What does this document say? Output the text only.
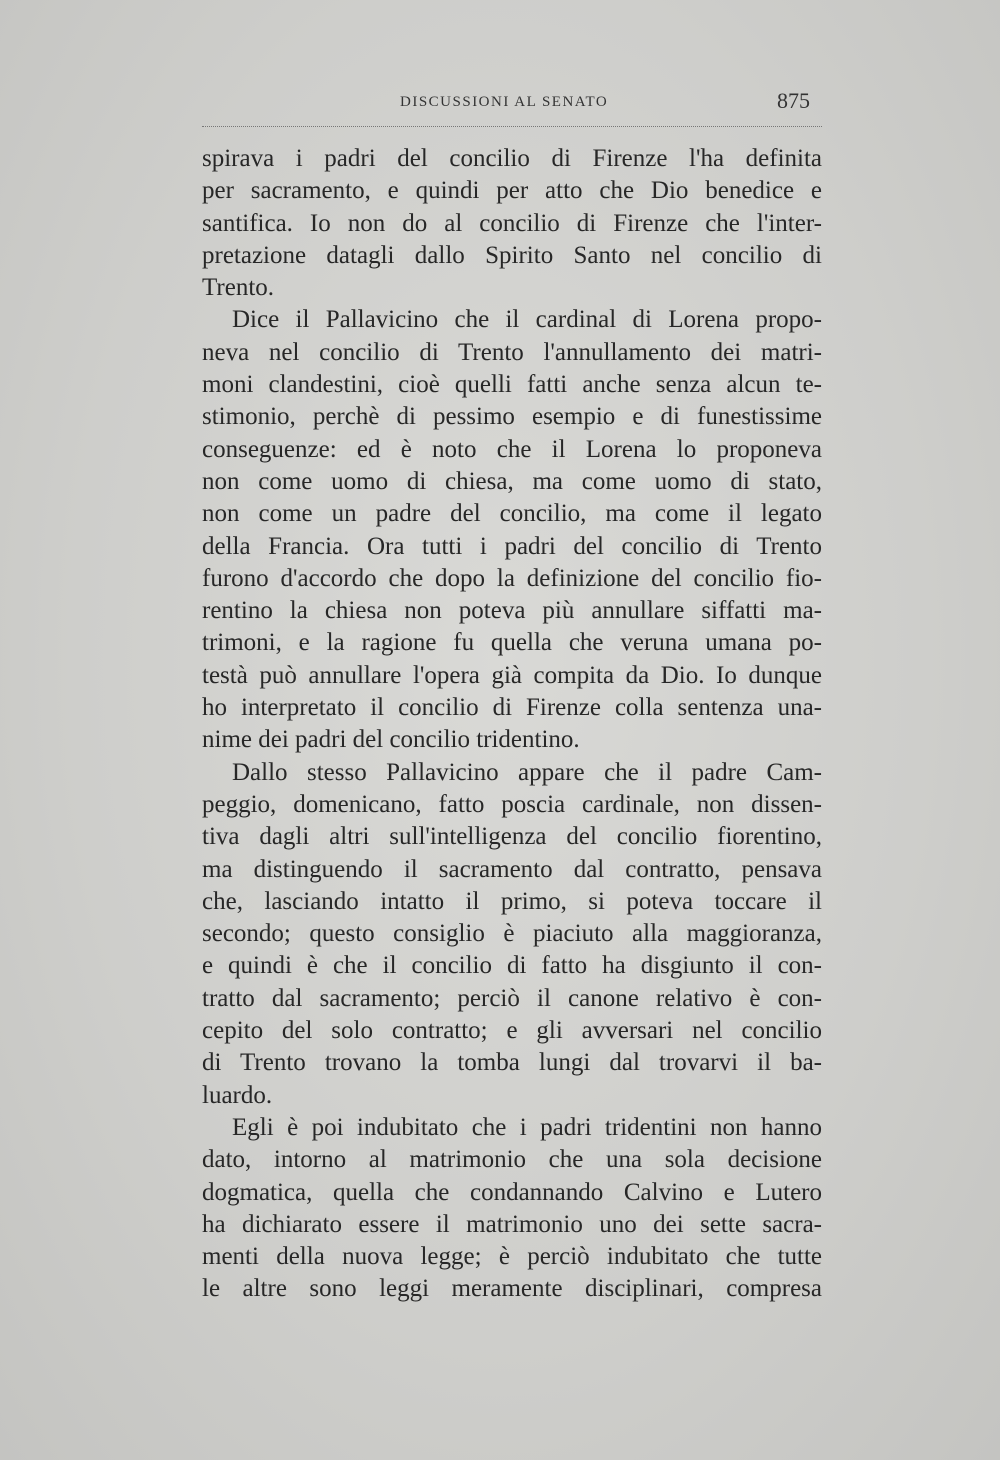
DISCUSSIONI AL SENATO	875
spirava i padri del concilio di Firenze l'ha definita
per sacramento, e quindi per atto che Dio benedice e
santifica. Io non do al concilio di Firenze che l'inter-
pretazione datagli dallo Spirito Santo nel concilio di
Trento.
Dice il Pallavicino che il cardinal di Lorena propo-
neva nel concilio di Trento l'annullamento dei matri-
moni clandestini, cioè quelli fatti anche senza alcun te-
stimonio, perchè di pessimo esempio e di funestissime
conseguenze: ed è noto che il Lorena lo proponeva
non come uomo di chiesa, ma come uomo di stato,
non come un padre del concilio, ma come il legato
della Francia. Ora tutti i padri del concilio di Trento
furono d'accordo che dopo la definizione del concilio fio-
rentino la chiesa non poteva più annullare siffatti ma-
trimoni, e la ragione fu quella che veruna umana po-
testà può annullare l'opera già compita da Dio. Io dunque
ho interpretato il concilio di Firenze colla sentenza una-
nime dei padri del concilio tridentino.
Dallo stesso Pallavicino appare che il padre Cam-
peggio, domenicano, fatto poscia cardinale, non dissen-
tiva dagli altri sull'intelligenza del concilio fiorentino,
ma distinguendo il sacramento dal contratto, pensava
che, lasciando intatto il primo, si poteva toccare il
secondo; questo consiglio è piaciuto alla maggioranza,
e quindi è che il concilio di fatto ha disgiunto il con-
tratto dal sacramento; perciò il canone relativo è con-
cepito del solo contratto; e gli avversari nel concilio
di Trento trovano la tomba lungi dal trovarvi il ba-
luardo.
Egli è poi indubitato che i padri tridentini non hanno
dato, intorno al matrimonio che una sola decisione
dogmatica, quella che condannando Calvino e Lutero
ha dichiarato essere il matrimonio uno dei sette sacra-
menti della nuova legge; è perciò indubitato che tutte
le altre sono leggi meramente disciplinari, compresa
